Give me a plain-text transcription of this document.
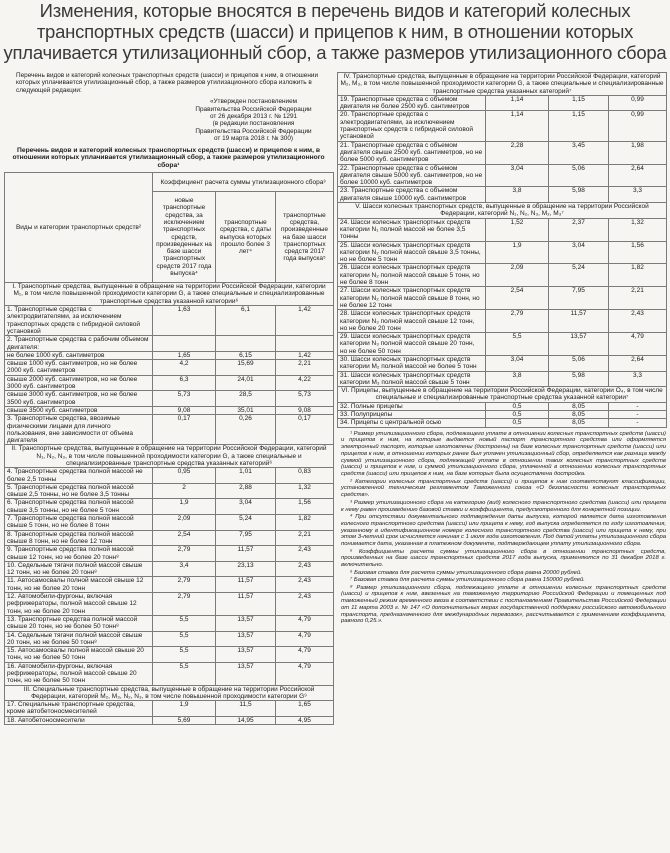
Изменения, которые вносятся в перечень видов и категорий колесных
транспортных средств (шасси) и прицепов к ним, в отношении которых
уплачивается утилизационный сбор, а также размеров утилизационного сбора
Перечень видов и категорий колесных транспортных средств (шасси) и прицепов к ним, в отношении которых уплачивается утилизационный сбор, а также размеров утилизационного сбора изложить в следующей редакции:
«Утвержден постановлением
Правительства Российской Федерации
от 26 декабря 2013 г. № 1291
(в редакции постановления
Правительства Российской Федерации
от 19 марта 2018 г. № 300)
Перечень видов и категорий колесных транспортных средств (шасси) и прицепов к ним, в отношении которых уплачивается утилизационный сбор, а также размеров утилизационного сбора¹
Виды и категории транспортных средств²	Коэффициент расчета суммы утилизационного сбора³		
	новые транспортные средства, за исключением транспортных средств, произведенных на базе шасси транспортных средств 2017 года выпуска⁴	транспортные средства, с даты выпуска которых прошло более 3 лет⁴	транспортные средства, произведенные на базе шасси транспортных средств 2017 года выпуска⁵
I. Транспортные средства, выпущенные в обращение на территории Российской Федерации, категории M₁, в том числе повышенной проходимости категории G, а также специальные и специализированные транспортные средства указанной категории⁶			
1. Транспортные средства с электродвигателями, за исключением транспортных средств с гибридной силовой установкой	1,63	6,1	1,42
2. Транспортные средства с рабочим объемом двигателя:			
не более 1000 куб. сантиметров	1,65	6,15	1,42
свыше 1000 куб. сантиметров, но не более 2000 куб. сантиметров	4,2	15,69	2,21
свыше 2000 куб. сантиметров, но не более 3000 куб. сантиметров	6,3	24,01	4,22
свыше 3000 куб. сантиметров, но не более 3500 куб. сантиметров	5,73	28,5	5,73
свыше 3500 куб. сантиметров	9,08	35,01	9,08
3. Транспортные средства, ввозимые физическими лицами для личного пользования, вне зависимости от объема двигателя	0,17	0,26	0,17
II. Транспортные средства, выпущенные в обращение на территории Российской Федерации, категорий N₁, N₂, N₃, в том числе повышенной проходимости категории G, а также специальные и специализированные транспортные средства указанных категорий⁶			
4. Транспортные средства полной массой не более 2,5 тонны	0,95	1,01	0,83
5. Транспортные средства полной массой свыше 2,5 тонны, но не более 3,5 тонны	2	2,88	1,32
6. Транспортные средства полной массой свыше 3,5 тонны, но не более 5 тонн	1,9	3,04	1,56
7. Транспортные средства полной массой свыше 5 тонн, но не более 8 тонн	2,09	5,24	1,82
8. Транспортные средства полной массой свыше 8 тонн, но не более 12 тонн	2,54	7,95	2,21
9. Транспортные средства полной массой свыше 12 тонн, но не более 20 тонн⁸	2,79	11,57	2,43
10. Седельные тягачи полной массой свыше 12 тонн, но не более 20 тонн⁸	3,4	23,13	2,43
11. Автосамосвалы полной массой свыше 12 тонн, но не более 20 тонн	2,79	11,57	2,43
12. Автомобили-фургоны, включая рефрижераторы, полной массой свыше 12 тонн, но не более 20 тонн	2,79	11,57	2,43
13. Транспортные средства полной массой свыше 20 тонн, но не более 50 тонн⁸	5,5	13,57	4,79
14. Седельные тягачи полной массой свыше 20 тонн, но не более 50 тонн⁸	5,5	13,57	4,79
15. Автосамосвалы полной массой свыше 20 тонн, но не более 50 тонн	5,5	13,57	4,79
16. Автомобили-фургоны, включая рефрижераторы, полной массой свыше 20 тонн, но не более 50 тонн	5,5	13,57	4,79
III. Специальные транспортные средства, выпущенные в обращение на территории Российской Федерации, категорий M₂, M₃, N₂, N₃, в том числе повышенной проходимости категории G⁹			
17. Специальные транспортные средства, кроме автобетоносмесителей	1,9	11,5	1,65
18. Автобетоносмесители	5,69	14,95	4,95
IV. Транспортные средства, выпущенные в обращение на территории Российской Федерации, категорий M₂, M₃, в том числе повышенной проходимости категории G, а также специальные и специализированные транспортные средства указанных категорий⁷			
19. Транспортные средства с объемом двигателя не более 2500 куб. сантиметров	1,14	1,15	0,99
20. Транспортные средства с электродвигателями, за исключением транспортных средств с гибридной силовой установкой	1,14	1,15	0,99
21. Транспортные средства с объемом двигателя свыше 2500 куб. сантиметров, но не более 5000 куб. сантиметров	2,28	3,45	1,98
22. Транспортные средства с объемом двигателя свыше 5000 куб. сантиметров, но не более 10000 куб. сантиметров	3,04	5,06	2,64
23. Транспортные средства с объемом двигателя свыше 10000 куб. сантиметров	3,8	5,98	3,3
V. Шасси колесных транспортных средств, выпущенные в обращение на территории Российской Федерации, категорий N₁, N₂, N₃, M₂, M₃⁷			
24. Шасси колесных транспортных средств категории N₁ полной массой не более 3,5 тонны	1,52	2,37	1,32
25. Шасси колесных транспортных средств категории N₂ полной массой свыше 3,5 тонны, но не более 5 тонн	1,9	3,04	1,56
26. Шасси колесных транспортных средств категории N₂ полной массой свыше 5 тонн, но не более 8 тонн	2,09	5,24	1,82
27. Шасси колесных транспортных средств категории N₂ полной массой свыше 8 тонн, но не более 12 тонн	2,54	7,95	2,21
28. Шасси колесных транспортных средств категории N₃ полной массой свыше 12 тонн, но не более 20 тонн	2,79	11,57	2,43
29. Шасси колесных транспортных средств категории N₃ полной массой свыше 20 тонн, но не более 50 тонн	5,5	13,57	4,79
30. Шасси колесных транспортных средств категории M₂ полной массой не более 5 тонн	3,04	5,06	2,64
31. Шасси колесных транспортных средств категории M₃ полной массой свыше 5 тонн	3,8	5,98	3,3
VI. Прицепы, выпущенные в обращение на территории Российской Федерации, категории O₄, в том числе специальные и специализированные транспортные средства указанной категории⁷			
32. Полные прицепы	0,5	8,05	-
33. Полуприцепы	0,5	8,05	-
34. Прицепы с центральной осью	0,5	8,05	-

¹ Размер утилизационного сбора, подлежащего уплате в отношении колесных транспортных средств (шасси) и прицепов к ним, на которые выдается новый паспорт транспортного средства или оформляется электронный паспорт, которые изготовлены (достроены) на базе колесных транспортных средств (шасси) или прицепов к ним, в отношении которых ранее был уплачен утилизационный сбор, определяется как разница между суммой утилизационного сбора, подлежащей уплате в отношении таких колесных транспортных средств (шасси) и прицепов к ним, и суммой утилизационного сбора, уплаченной в отношении колесных транспортных средств (шасси) или прицепов к ним, на базе которых была осуществлена достройка.

² Категории колесных транспортных средств (шасси) и прицепов к ним соответствуют классификации, установленной техническим регламентом Таможенного союза «О безопасности колесных транспортных средств».

³ Размер утилизационного сбора на категорию (вид) колесного транспортного средства (шасси) или прицепа к нему равен произведению базовой ставки и коэффициента, предусмотренного для конкретной позиции.

⁴ При отсутствии документального подтверждения даты выпуска, которой является дата изготовления колесного транспортного средства (шасси) или прицепа к нему, год выпуска определяется по году изготовления, указанному в идентификационном номере колесного транспортного средства (шасси) или прицепа к нему, при этом 3-летний срок исчисляется начиная с 1 июля года изготовления. Под датой уплаты утилизационного сбора понимается дата, указанная в платежном документе, подтверждающем уплату утилизационного сбора.

⁵ Коэффициенты расчета суммы утилизационного сбора в отношении транспортных средств, произведенных на базе шасси транспортных средств 2017 года выпуска, применяются по 31 декабря 2018 г. включительно.

⁶ Базовая ставка для расчета суммы утилизационного сбора равна 20000 рублей.

⁷ Базовая ставка для расчета суммы утилизационного сбора равна 150000 рублей.

⁸ Размер утилизационного сбора, подлежащего уплате в отношении колесных транспортных средств (шасси) и прицепов к ним, ввезенных на таможенную территорию Российской Федерации и помещенных под таможенный режим временного ввоза в соответствии с постановлением Правительства Российской Федерации от 11 марта 2003 г. № 147 «О дополнительных мерах государственной поддержки российского автомобильного транспорта, предназначенного для международных перевозок», рассчитывается с применением коэффициента, равного 0,25.».
